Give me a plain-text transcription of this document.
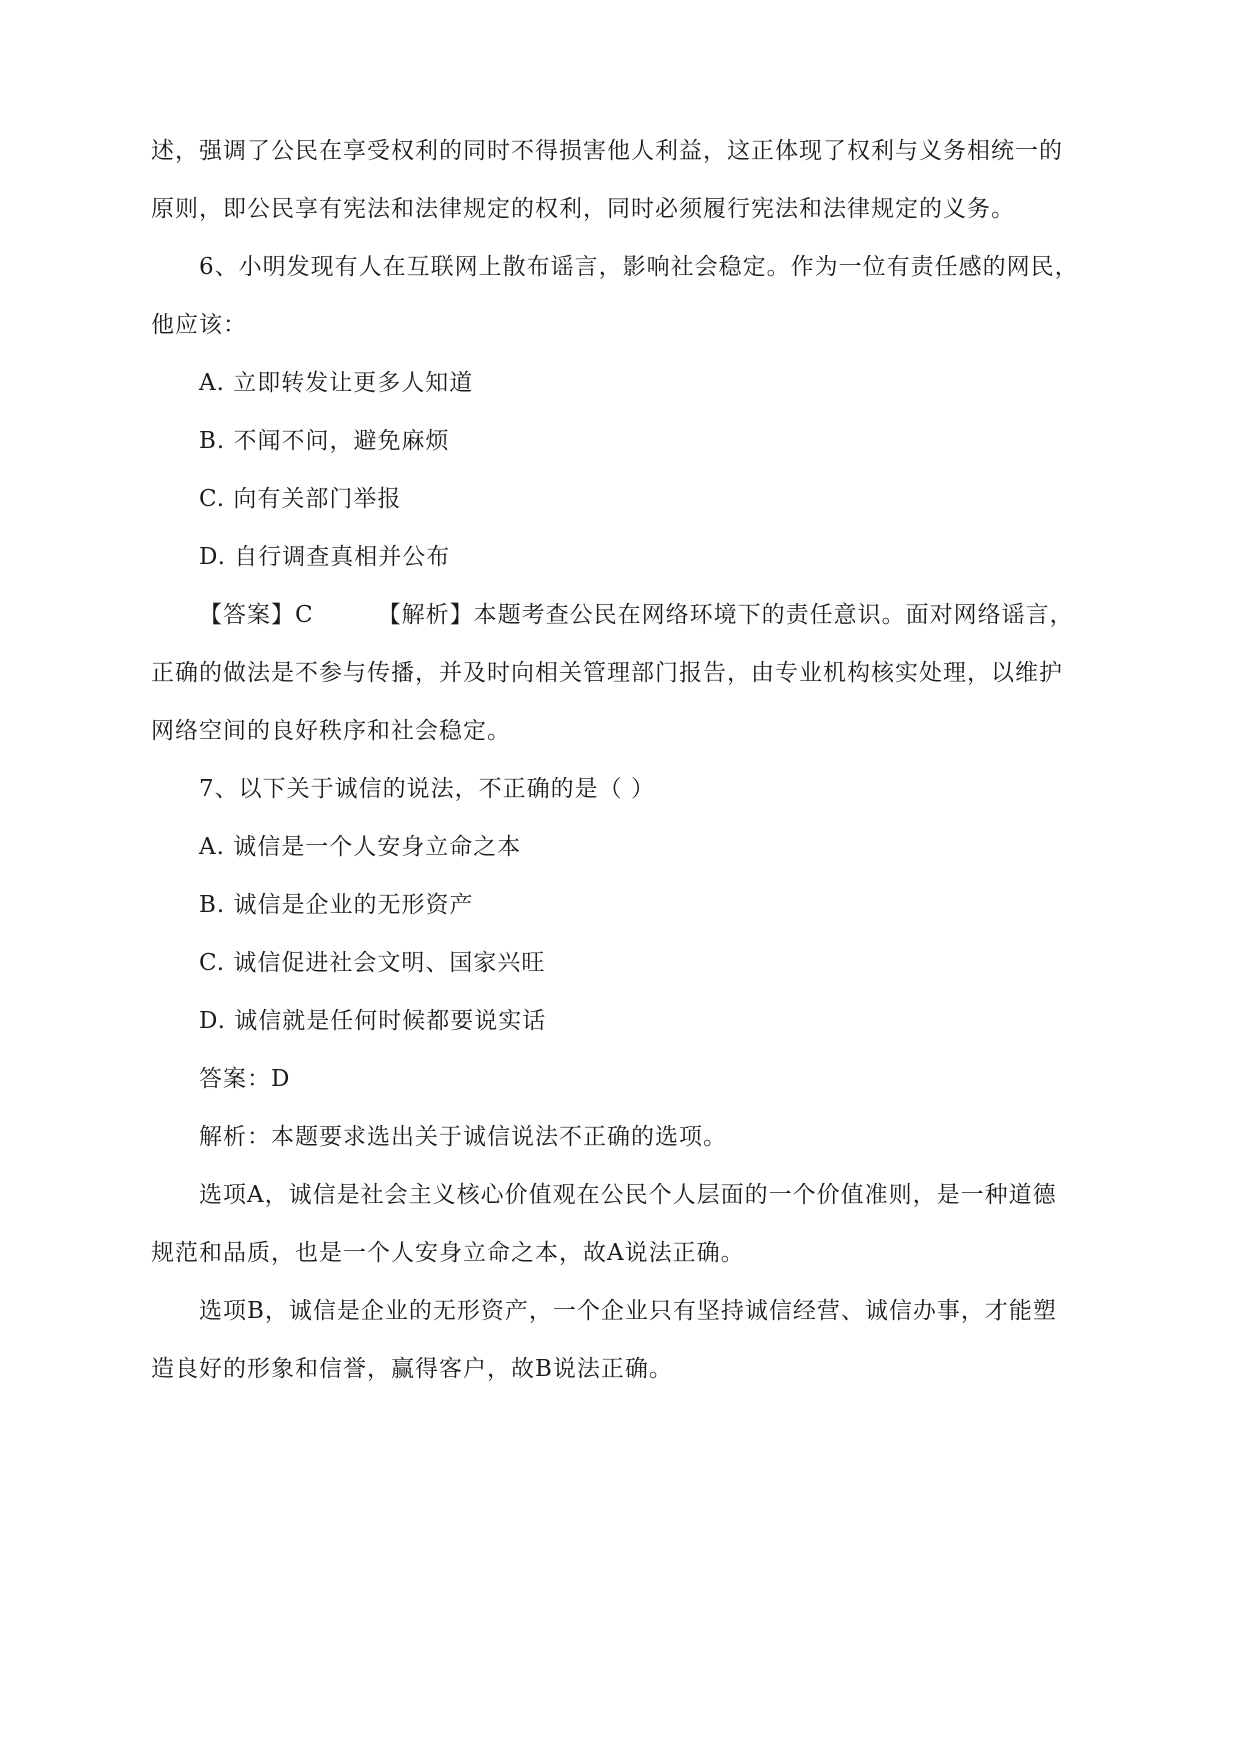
述，强调了公民在享受权利的同时不得损害他人利益，这正体现了权利与义务相统一的
原则，即公民享有宪法和法律规定的权利，同时必须履行宪法和法律规定的义务。
6、小明发现有人在互联网上散布谣言，影响社会稳定。作为一位有责任感的网民，
他应该：
A. 立即转发让更多人知道
B. 不闻不问，避免麻烦
C. 向有关部门举报
D. 自行调查真相并公布
【答案】C	【解析】本题考查公民在网络环境下的责任意识。面对网络谣言，
正确的做法是不参与传播，并及时向相关管理部门报告，由专业机构核实处理，以维护
网络空间的良好秩序和社会稳定。
7、以下关于诚信的说法，不正确的是（ ）
A. 诚信是一个人安身立命之本
B. 诚信是企业的无形资产
C. 诚信促进社会文明、国家兴旺
D. 诚信就是任何时候都要说实话
答案：D
解析：本题要求选出关于诚信说法不正确的选项。
选项A，诚信是社会主义核心价值观在公民个人层面的一个价值准则，是一种道德
规范和品质，也是一个人安身立命之本，故A说法正确。
选项B，诚信是企业的无形资产，一个企业只有坚持诚信经营、诚信办事，才能塑
造良好的形象和信誉，赢得客户，故B说法正确。
